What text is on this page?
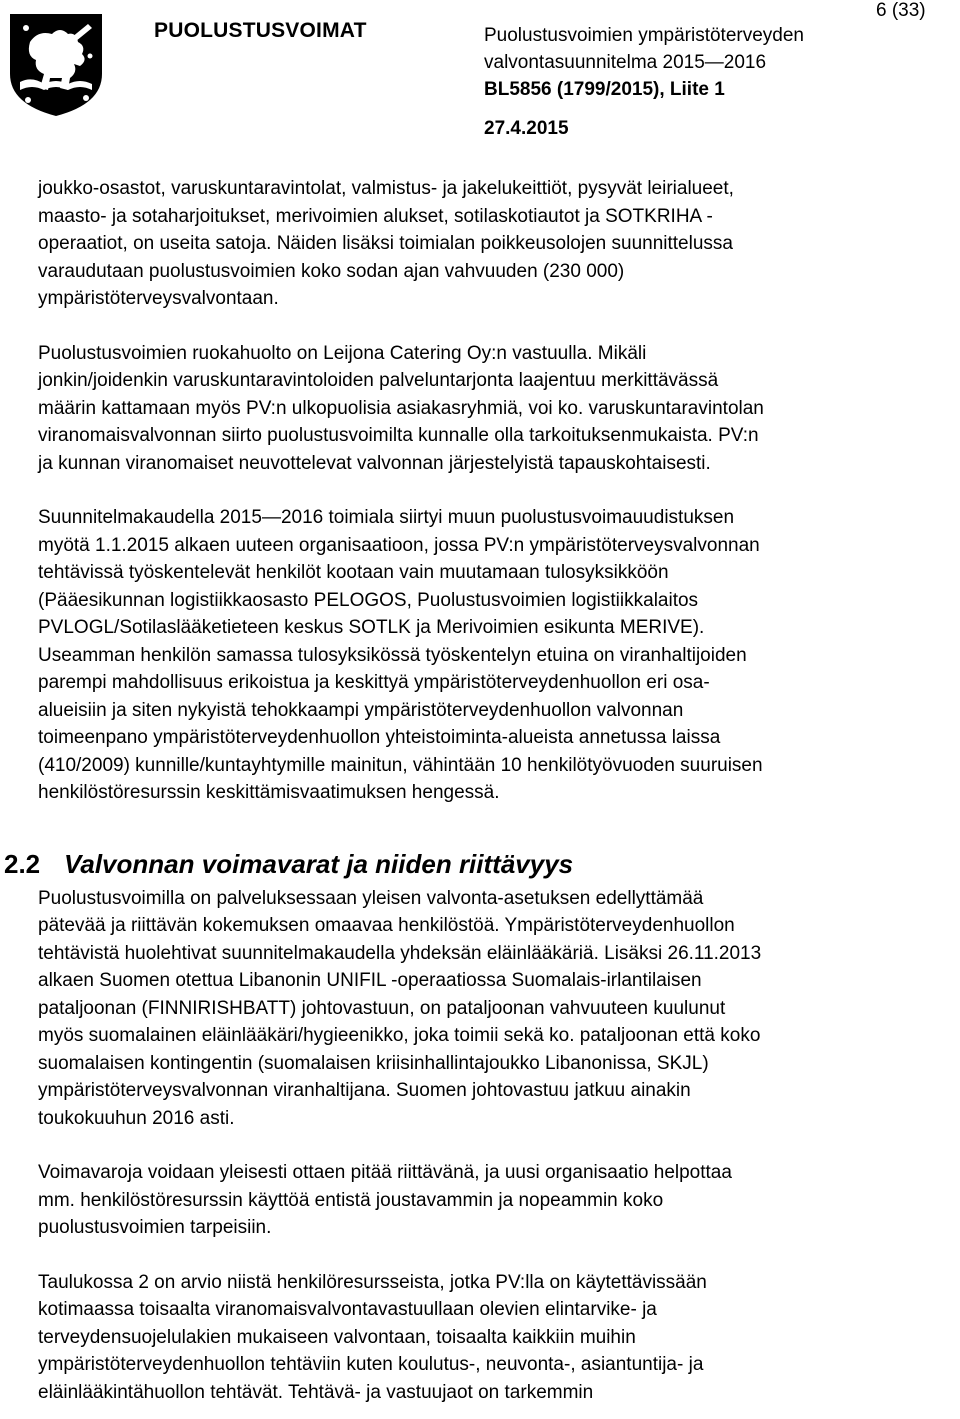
PUOLUSTUSVOIMAT	Puolustusvoimien ympäristöterveyden
valvontasuunnitelma 2015—2016
BL5856 (1799/2015), Liite 1
6 (33)
27.4.2015

joukko-osastot, varuskuntaravintolat, valmistus- ja jakelukeittiöt, pysyvät leirialueet,
maasto- ja sotaharjoitukset, merivoimien alukset, sotilaskotiautot ja SOTKRIHA -
operaatiot, on useita satoja. Näiden lisäksi toimialan poikkeusolojen suunnittelussa
varaudutaan puolustusvoimien koko sodan ajan vahvuuden (230 000)
ympäristöterveysvalvontaan.

Puolustusvoimien ruokahuolto on Leijona Catering Oy:n vastuulla. Mikäli
jonkin/joidenkin varuskuntaravintoloiden palveluntarjonta laajentuu merkittävässä
määrin kattamaan myös PV:n ulkopuolisia asiakasryhmiä, voi ko. varuskuntaravintolan
viranomaisvalvonnan siirto puolustusvoimilta kunnalle olla tarkoituksenmukaista. PV:n
ja kunnan viranomaiset neuvottelevat valvonnan järjestelyistä tapauskohtaisesti.

Suunnitelmakaudella 2015—2016 toimiala siirtyi muun puolustusvoimauudistuksen
myötä 1.1.2015 alkaen uuteen organisaatioon, jossa PV:n ympäristöterveysvalvonnan
tehtävissä työskentelevät henkilöt kootaan vain muutamaan tulosyksikköön
(Pääesikunnan logistiikkaosasto PELOGOS, Puolustusvoimien logistiikkalaitos
PVLOGL/Sotilaslääketieteen keskus SOTLK ja Merivoimien esikunta MERIVE).
Useamman henkilön samassa tulosyksikössä työskentelyn etuina on viranhaltijoiden
parempi mahdollisuus erikoistua ja keskittyä ympäristöterveydenhuollon eri osa-
alueisiin ja siten nykyistä tehokkaampi ympäristöterveydenhuollon valvonnan
toimeenpano ympäristöterveydenhuollon yhteistoiminta-alueista annetussa laissa
(410/2009) kunnille/kuntayhtymille mainitun, vähintään 10 henkilötyövuoden suuruisen
henkilöstöresurssin keskittämisvaatimuksen hengessä.

2.2 Valvonnan voimavarat ja niiden riittävyys

Puolustusvoimilla on palveluksessaan yleisen valvonta-asetuksen edellyttämää
pätevää ja riittävän kokemuksen omaavaa henkilöstöä. Ympäristöterveydenhuollon
tehtävistä huolehtivat suunnitelmakaudella yhdeksän eläinlääkäriä. Lisäksi 26.11.2013
alkaen Suomen otettua Libanonin UNIFIL -operaatiossa Suomalais-irlantilaisen
pataljoonan (FINNIRISHBATT) johtovastuun, on pataljoonan vahvuuteen kuulunut
myös suomalainen eläinlääkäri/hygieenikko, joka toimii sekä ko. pataljoonan että koko
suomalaisen kontingentin (suomalaisen kriisinhallintajoukko Libanonissa, SKJL)
ympäristöterveysvalvonnan viranhaltijana. Suomen johtovastuu jatkuu ainakin
toukokuuhun 2016 asti.

Voimavaroja voidaan yleisesti ottaen pitää riittävänä, ja uusi organisaatio helpottaa
mm. henkilöstöresurssin käyttöä entistä joustavammin ja nopeammin koko
puolustusvoimien tarpeisiin.

Taulukossa 2 on arvio niistä henkilöresursseista, jotka PV:lla on käytettävissään
kotimaassa toisaalta viranomaisvalvontavastuullaan olevien elintarvike- ja
terveydensuojelulakien mukaiseen valvontaan, toisaalta kaikkiin muihin
ympäristöterveydenhuollon tehtäviin kuten koulutus-, neuvonta-, asiantuntija- ja
eläinlääkintähuollon tehtävät. Tehtävä- ja vastuujaot on tarkemmin
